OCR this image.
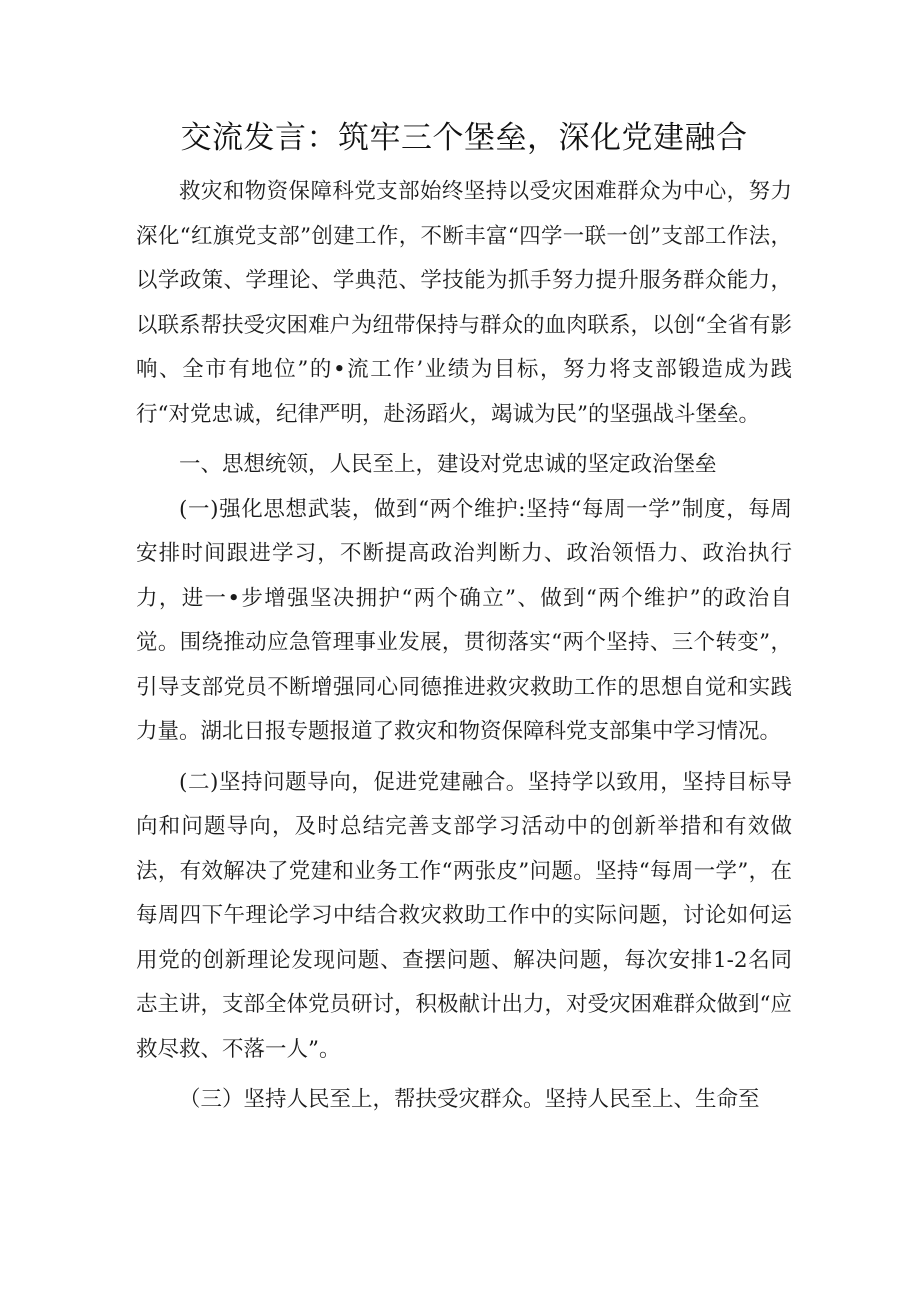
交流发言：筑牢三个堡垒，深化党建融合

救灾和物资保障科党支部始终坚持以受灾困难群众为中心，努力深化“红旗党支部”创建工作，不断丰富“四学一联一创”支部工作法，以学政策、学理论、学典范、学技能为抓手努力提升服务群众能力，以联系帮扶受灾困难户为纽带保持与群众的血肉联系，以创“全省有影响、全市有地位”的•流工作’业绩为目标，努力将支部锻造成为践行“对党忠诚，纪律严明，赴汤蹈火，竭诚为民”的坚强战斗堡垒。

一、思想统领，人民至上，建设对党忠诚的坚定政治堡垒

(一)强化思想武装，做到“两个维护:坚持“每周一学”制度，每周安排时间跟进学习，不断提高政治判断力、政治领悟力、政治执行力，进一•步增强坚决拥护“两个确立”、做到“两个维护”的政治自觉。围绕推动应急管理事业发展，贯彻落实“两个坚持、三个转变”，引导支部党员不断增强同心同德推进救灾救助工作的思想自觉和实践力量。湖北日报专题报道了救灾和物资保障科党支部集中学习情况。

(二)坚持问题导向，促进党建融合。坚持学以致用，坚持目标导向和问题导向，及时总结完善支部学习活动中的创新举措和有效做法，有效解决了党建和业务工作“两张皮”问题。坚持“每周一学”，在每周四下午理论学习中结合救灾救助工作中的实际问题，讨论如何运用党的创新理论发现问题、查摆问题、解决问题，每次安排1-2名同志主讲，支部全体党员研讨，积极献计出力，对受灾困难群众做到“应救尽救、不落一人”。

（三）坚持人民至上，帮扶受灾群众。坚持人民至上、生命至
